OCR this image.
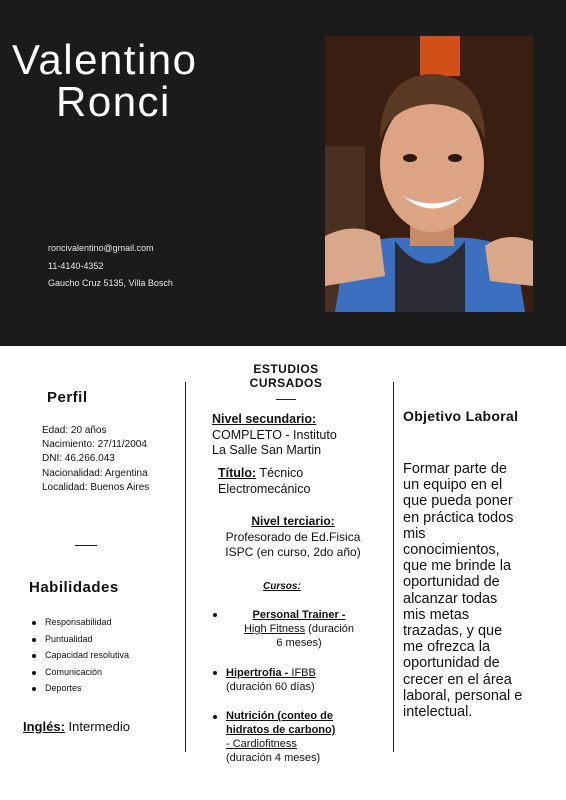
Valentino
Ronci
roncivalentino@gmail.com
11-4140-4352
Gaucho Cruz 5135, Villa Bosch
Perfil
Edad: 20 años
Nacimiento: 27/11/2004
DNI: 46.266.043
Nacionalidad: Argentina
Localidad: Buenos Aires
Habilidades
Responsabilidad
Puntualidad
Capacidad resolutiva
Comunicación
Deportes
Inglés: Intermedio
ESTUDIOS
CURSADOS
Nivel secundario:
COMPLETO - Instituto
La Salle San Martin
Título: Técnico
Electromecánico
Nivel terciario:
Profesorado de Ed.Fisica
ISPC (en curso, 2do año)
Cursos:
Personal Trainer -
High Fitness (duración
6 meses)
Hipertrofia - IFBB
(duración 60 días)
Nutrición (conteo de
hidratos de carbono)
- Cardiofitness
(duración 4 meses)
Objetivo Laboral
Formar parte de
un equipo en el
que pueda poner
en práctica todos
mis
conocimientos,
que me brinde la
oportunidad de
alcanzar todas
mis metas
trazadas, y que
me ofrezca la
oportunidad de
crecer en el área
laboral, personal e
intelectual.
